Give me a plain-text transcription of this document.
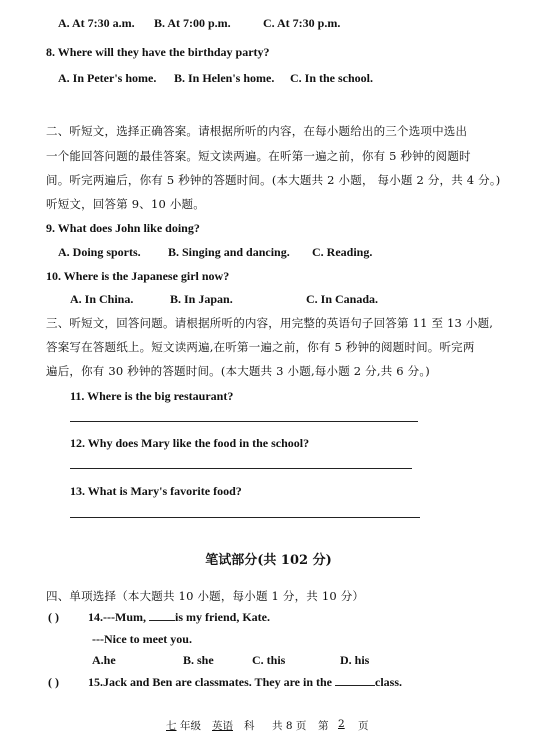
A. At 7:30 a.m. B. At 7:00 p.m.	C. At 7:30 p.m.
8. Where will they have the birthday party?
A. In Peter's home. B. In Helen's home. C. In the school.
二、听短文，选择正确答案。请根据所听的内容，在每小题给出的三个选项中选出
一个能回答问题的最佳答案。短文读两遍。在听第一遍之前，你有 5 秒钟的阅题时
间。听完两遍后，你有 5 秒钟的答题时间。(本大题共 2 小题， 每小题 2 分，共 4 分。)
听短文，回答第 9、10 小题。
9. What does John like doing?
A. Doing sports. B. Singing and dancing. C. Reading.
10. Where is the Japanese girl now?
A. In China.	B. In Japan.	C. In Canada.
三、听短文，回答问题。请根据所听的内容，用完整的英语句子回答第 11 至 13 小题,
答案写在答题纸上。短文读两遍,在听第一遍之前，你有 5 秒钟的阅题时间。听完两
遍后，你有 30 秒钟的答题时间。(本大题共 3 小题,每小题 2 分,共 6 分。)
11. Where is the big restaurant?
12. Why does Mary like the food in the school?
13. What is Mary's favorite food?
笔试部分(共 102 分)
四、单项选择（本大题共 10 小题，每小题 1 分，共 10 分）
( ) 14.---Mum, is my friend, Kate.
---Nice to meet you.
A.he	B. she	C. this	D. his
( ) 15.Jack and Ben are classmates. They are in the	class.
七 年级 英语 科 共 8 页 第 2 页
